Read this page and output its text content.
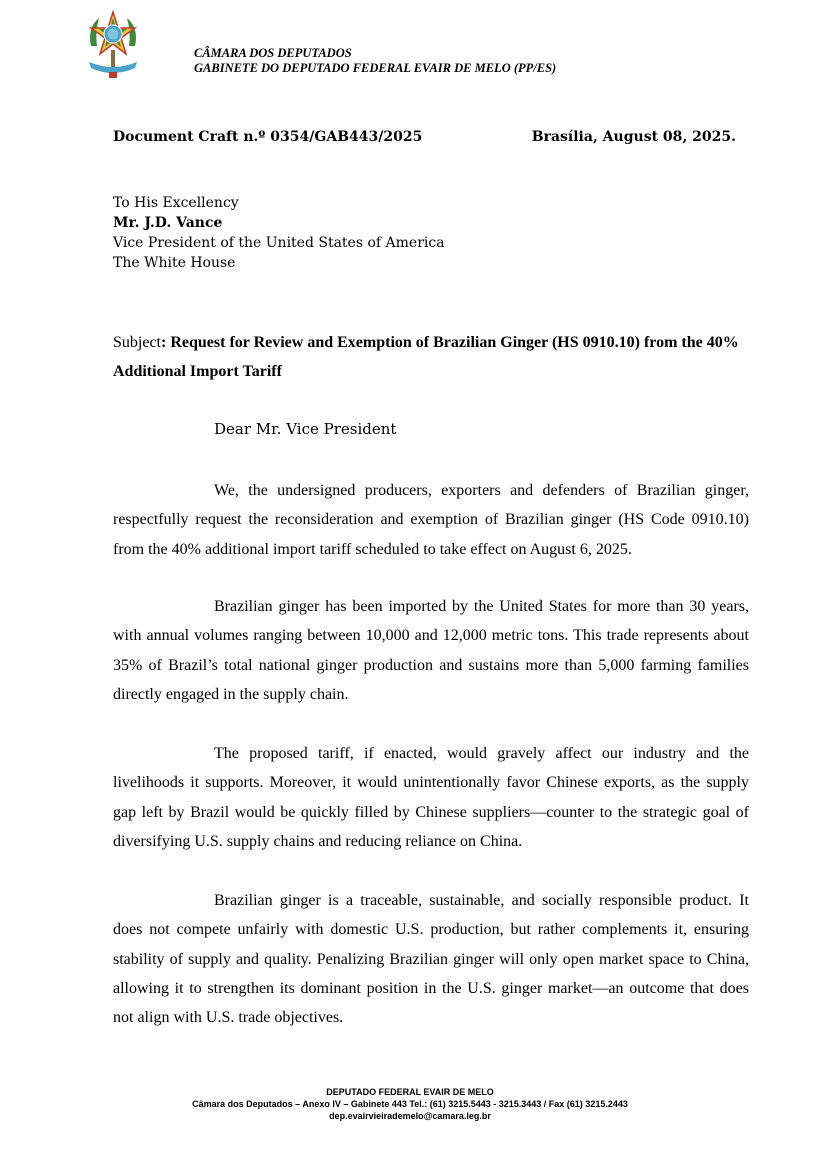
CÂMARA DOS DEPUTADOS
GABINETE DO DEPUTADO FEDERAL EVAIR DE MELO (PP/ES)
Document Craft n.º 0354/GAB443/2025	Brasília, August 08, 2025.
To His Excellency
Mr. J.D. Vance
Vice President of the United States of America
The White House
Subject: Request for Review and Exemption of Brazilian Ginger (HS 0910.10) from the 40% Additional Import Tariff
Dear Mr. Vice President

We, the undersigned producers, exporters and defenders of Brazilian ginger, respectfully request the reconsideration and exemption of Brazilian ginger (HS Code 0910.10) from the 40% additional import tariff scheduled to take effect on August 6, 2025.

Brazilian ginger has been imported by the United States for more than 30 years, with annual volumes ranging between 10,000 and 12,000 metric tons. This trade represents about 35% of Brazil’s total national ginger production and sustains more than 5,000 farming families directly engaged in the supply chain.

The proposed tariff, if enacted, would gravely affect our industry and the livelihoods it supports. Moreover, it would unintentionally favor Chinese exports, as the supply gap left by Brazil would be quickly filled by Chinese suppliers—counter to the strategic goal of diversifying U.S. supply chains and reducing reliance on China.

Brazilian ginger is a traceable, sustainable, and socially responsible product. It does not compete unfairly with domestic U.S. production, but rather complements it, ensuring stability of supply and quality. Penalizing Brazilian ginger will only open market space to China, allowing it to strengthen its dominant position in the U.S. ginger market—an outcome that does not align with U.S. trade objectives.

DEPUTADO FEDERAL EVAIR DE MELO
Câmara dos Deputados – Anexo IV – Gabinete 443 Tel.: (61) 3215.5443 - 3215.3443 / Fax (61) 3215.2443
dep.evairvieirademelo@camara.leg.br
